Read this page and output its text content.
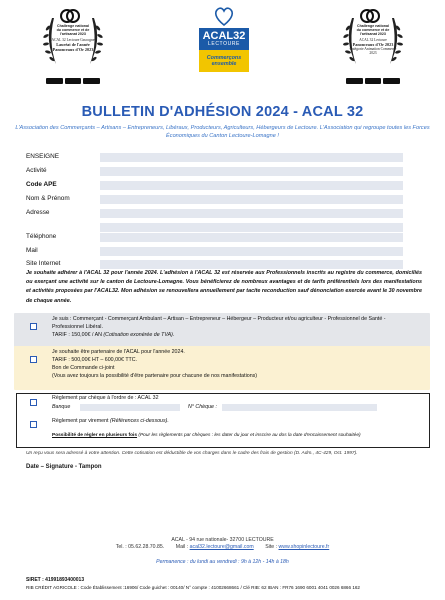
Challenge national du commerce et de l'artisanat 2023
ACAL 32 Lectoure Gascogne
Lauréat de l'année Panonceaux d'Or 2023
Challenge national du commerce et de l'artisanat 2023
ACAL 32 Lectoure
Panonceaux d'Or 2023
Catégorie Animation Commerce 2023
ACAL32
LECTOURE
Commerçons ensemble
BULLETIN D'ADHÉSION 2024 - ACAL 32
L'Association des Commerçants – Artisans – Entrepreneurs, Libéraux, Producteurs, Agriculteurs, Hébergeurs de Lectoure. L'Association qui regroupe toutes les Forces Économiques du Canton Lectoure-Lomagne !
ENSEIGNE
Activité
Code APE
Nom & Prénom
Adresse
Téléphone
Mail
Site Internet
Je souhaite adhérer à l'ACAL 32 pour l'année 2024. L'adhésion à l'ACAL 32 est réservée aux Professionnels inscrits au registre du commerce, domiciliés ou exerçant une activité sur le canton de Lectoure-Lomagne. Vous bénéficierez de nombreux avantages et de tarifs préférentiels lors des manifestations et activités proposées par l'ACAL32. Mon adhésion se renouvellera annuellement par tacite reconduction sauf dénonciation exercée avant le 30 novembre de chaque année.
Je suis : Commerçant - Commerçant Ambulant – Artisan – Entrepreneur – Hébergeur – Producteur et/ou agriculteur - Professionnel de Santé -
Professionnel Libéral.
TARIF : 150,00€ / AN (Cotisation exonérée de TVA).
Je souhaite être partenaire de l'ACAL pour l'année 2024.
TARIF : 500,00€ HT – 600,00€ TTC.
Bon de Commande ci-joint
(Vous avez toujours la possibilité d'être partenaire pour chacune de nos manifestations)
Règlement par chèque à l'ordre de : ACAL 32
Banque	N° Chèque :
Règlement par virement (Références ci-dessous).
Possibilité de régler en plusieurs fois (Pour les règlements par chèques : les dater du jour et inscrire au dos la date d'encaissement souhaitée)
Un reçu vous sera adressé à votre attention. Cette cotisation est déductible de vos charges dans le cadre des frais de gestion (D. Adm., 4C-429, Oct. 1997).
Date – Signature - Tampon
ACAL - 94 rue nationale- 32700 LECTOURE
Tel. : 05.62.28.70.85. Mail : acal32.lectoure@gmail.com Site : www.shopinlectoure.fr
Permanence : du lundi au vendredi : 9h à 12h - 14h à 18h
SIRET : 41991893400013
RIB CRÉDIT AGRICOLE : Code Établissement :16906/ Code guichet : 00140/ N° compte : 41002668661 / Clé RIB: 62 IBAN : FR76 1690 6001 4041 0026 6866 162
